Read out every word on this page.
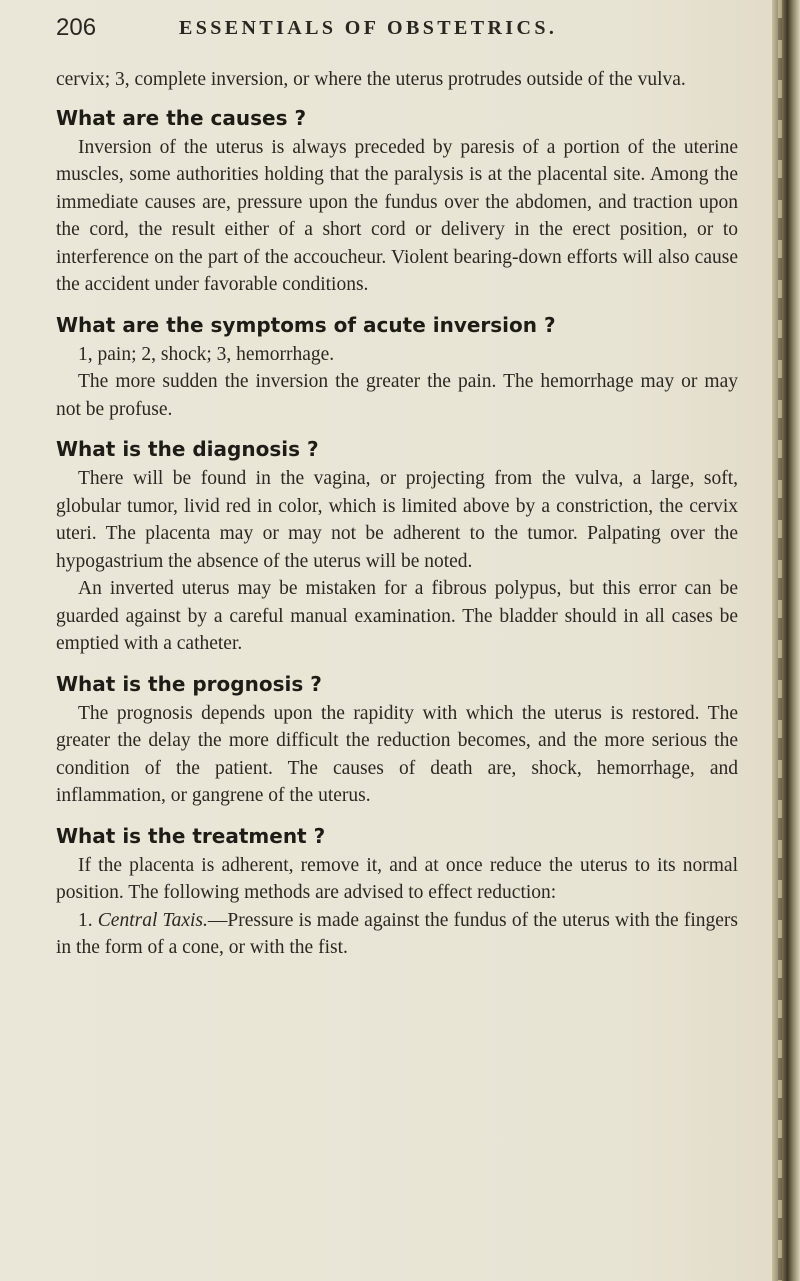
206	ESSENTIALS OF OBSTETRICS.

cervix; 3, complete inversion, or where the uterus protrudes outside of the vulva.

What are the causes ?

Inversion of the uterus is always preceded by paresis of a portion of the uterine muscles, some authorities holding that the paralysis is at the placental site. Among the immediate causes are, pressure upon the fundus over the abdomen, and traction upon the cord, the result either of a short cord or delivery in the erect position, or to interference on the part of the accoucheur. Violent bearing-down efforts will also cause the accident under favorable conditions.

What are the symptoms of acute inversion ?

1, pain; 2, shock; 3, hemorrhage.

The more sudden the inversion the greater the pain. The hemorrhage may or may not be profuse.

What is the diagnosis ?

There will be found in the vagina, or projecting from the vulva, a large, soft, globular tumor, livid red in color, which is limited above by a constriction, the cervix uteri. The placenta may or may not be adherent to the tumor. Palpating over the hypogastrium the absence of the uterus will be noted.

An inverted uterus may be mistaken for a fibrous polypus, but this error can be guarded against by a careful manual examination. The bladder should in all cases be emptied with a catheter.

What is the prognosis ?

The prognosis depends upon the rapidity with which the uterus is restored. The greater the delay the more difficult the reduction becomes, and the more serious the condition of the patient. The causes of death are, shock, hemorrhage, and inflammation, or gangrene of the uterus.

What is the treatment ?

If the placenta is adherent, remove it, and at once reduce the uterus to its normal position. The following methods are advised to effect reduction:

1. Central Taxis.—Pressure is made against the fundus of the uterus with the fingers in the form of a cone, or with the fist.
